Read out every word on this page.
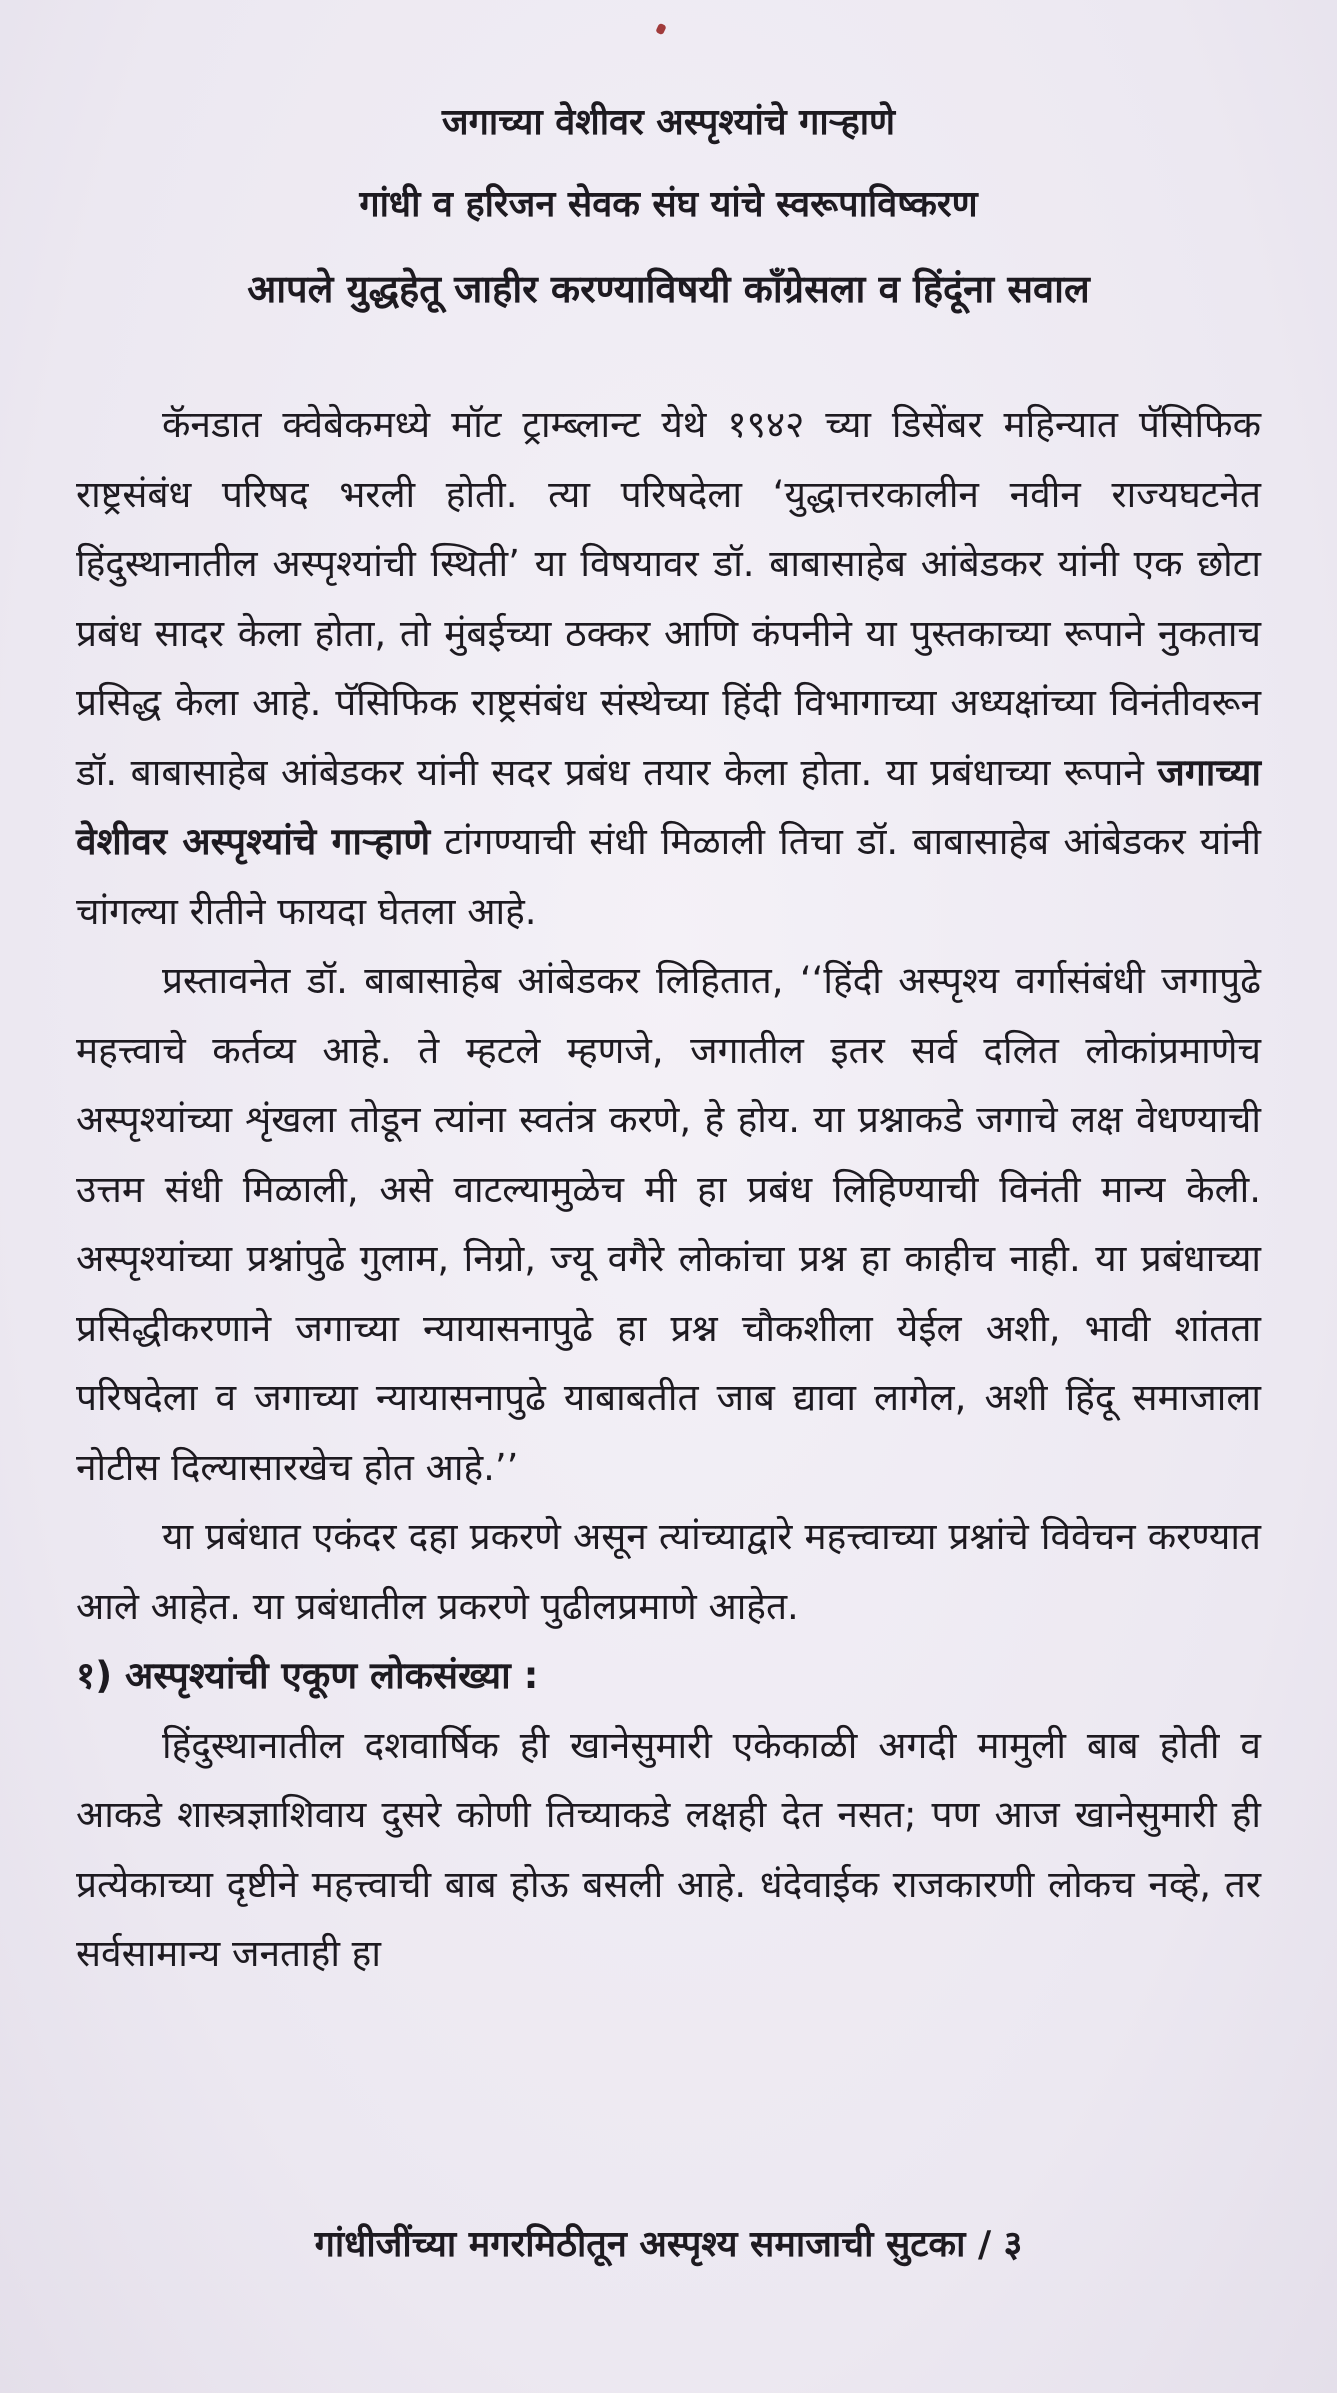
जगाच्या वेशीवर अस्पृश्यांचे गाऱ्हाणे
गांधी व हरिजन सेवक संघ यांचे स्वरूपाविष्करण
आपले युद्धहेतू जाहीर करण्याविषयी कॉंग्रेसला व हिंदूंना सवाल

कॅनडात क्वेबेकमध्ये मॉट ट्राम्ब्लान्ट येथे १९४२ च्या डिसेंबर महिन्यात पॅसिफिक राष्ट्रसंबंध परिषद भरली होती. त्या परिषदेला ‘युद्धात्तरकालीन नवीन राज्यघटनेत हिंदुस्थानातील अस्पृश्यांची स्थिती’ या विषयावर डॉ. बाबासाहेब आंबेडकर यांनी एक छोटा प्रबंध सादर केला होता, तो मुंबईच्या ठक्कर आणि कंपनीने या पुस्तकाच्या रूपाने नुकताच प्रसिद्ध केला आहे. पॅसिफिक राष्ट्रसंबंध संस्थेच्या हिंदी विभागाच्या अध्यक्षांच्या विनंतीवरून डॉ. बाबासाहेब आंबेडकर यांनी सदर प्रबंध तयार केला होता. या प्रबंधाच्या रूपाने जगाच्या वेशीवर अस्पृश्यांचे गाऱ्हाणे टांगण्याची संधी मिळाली तिचा डॉ. बाबासाहेब आंबेडकर यांनी चांगल्या रीतीने फायदा घेतला आहे.

प्रस्तावनेत डॉ. बाबासाहेब आंबेडकर लिहितात, ‘‘हिंदी अस्पृश्य वर्गासंबंधी जगापुढे महत्त्वाचे कर्तव्य आहे. ते म्हटले म्हणजे, जगातील इतर सर्व दलित लोकांप्रमाणेच अस्पृश्यांच्या शृंखला तोडून त्यांना स्वतंत्र करणे, हे होय. या प्रश्नाकडे जगाचे लक्ष वेधण्याची उत्तम संधी मिळाली, असे वाटल्यामुळेच मी हा प्रबंध लिहिण्याची विनंती मान्य केली. अस्पृश्यांच्या प्रश्नांपुढे गुलाम, निग्रो, ज्यू वगैरे लोकांचा प्रश्न हा काहीच नाही. या प्रबंधाच्या प्रसिद्धीकरणाने जगाच्या न्यायासनापुढे हा प्रश्न चौकशीला येईल अशी, भावी शांतता परिषदेला व जगाच्या न्यायासनापुढे याबाबतीत जाब द्यावा लागेल, अशी हिंदू समाजाला नोटीस दिल्यासारखेच होत आहे.’’

या प्रबंधात एकंदर दहा प्रकरणे असून त्यांच्याद्वारे महत्त्वाच्या प्रश्नांचे विवेचन करण्यात आले आहेत. या प्रबंधातील प्रकरणे पुढीलप्रमाणे आहेत.

१) अस्पृश्यांची एकूण लोकसंख्या :

हिंदुस्थानातील दशवार्षिक ही खानेसुमारी एकेकाळी अगदी मामुली बाब होती व आकडे शास्त्रज्ञाशिवाय दुसरे कोणी तिच्याकडे लक्षही देत नसत; पण आज खानेसुमारी ही प्रत्येकाच्या दृष्टीने महत्त्वाची बाब होऊ बसली आहे. धंदेवाईक राजकारणी लोकच नव्हे, तर सर्वसामान्य जनताही हा

गांधीजींच्या मगरमिठीतून अस्पृश्य समाजाची सुटका / ३
